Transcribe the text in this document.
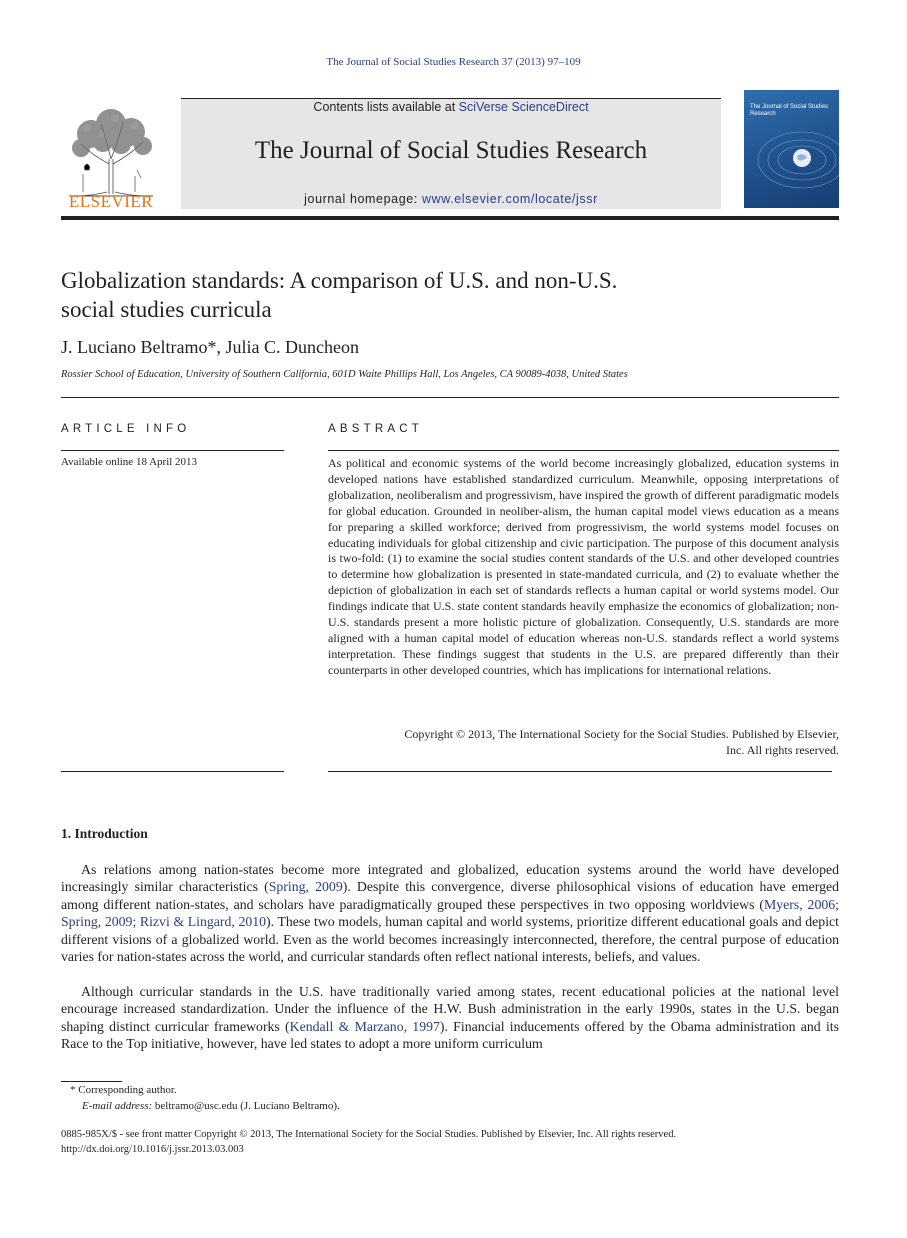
The Journal of Social Studies Research 37 (2013) 97–109
ELSEVIER
Contents lists available at SciVerse ScienceDirect
The Journal of Social Studies Research
journal homepage: www.elsevier.com/locate/jssr
The Journal of Social Studies Research
Globalization standards: A comparison of U.S. and non-U.S.
social studies curricula
J. Luciano Beltramo*, Julia C. Duncheon
Rossier School of Education, University of Southern California, 601D Waite Phillips Hall, Los Angeles, CA 90089-4038, United States
ARTICLE INFO	ABSTRACT
Available online 18 April 2013	As political and economic systems of the world become increasingly globalized, education systems in developed nations have established standardized curriculum. Meanwhile, opposing interpretations of globalization, neoliberalism and progressivism, have inspired the growth of different paradigmatic models for global education. Grounded in neoliber-alism, the human capital model views education as a means for preparing a skilled workforce; derived from progressivism, the world systems model focuses on educating individuals for global citizenship and civic participation. The purpose of this document analysis is two-fold: (1) to examine the social studies content standards of the U.S. and other developed countries to determine how globalization is presented in state-mandated curricula, and (2) to evaluate whether the depiction of globalization in each set of standards reflects a human capital or world systems model. Our findings indicate that U.S. state content standards heavily emphasize the economics of globalization; non-U.S. standards present a more holistic picture of globalization. Consequently, U.S. standards are more aligned with a human capital model of education whereas non-U.S. standards reflect a world systems interpretation. These findings suggest that students in the U.S. are prepared differently than their counterparts in other developed countries, which has implications for international relations.
Copyright © 2013, The International Society for the Social Studies. Published by Elsevier,
Inc. All rights reserved.
1. Introduction

As relations among nation-states become more integrated and globalized, education systems around the world have developed increasingly similar characteristics (Spring, 2009). Despite this convergence, diverse philosophical visions of education have emerged among different nation-states, and scholars have paradigmatically grouped these perspectives in two opposing worldviews (Myers, 2006; Spring, 2009; Rizvi & Lingard, 2010). These two models, human capital and world systems, prioritize different educational goals and depict different visions of a globalized world. Even as the world becomes increasingly interconnected, therefore, the central purpose of education varies for nation-states across the world, and curricular standards often reflect national interests, beliefs, and values.

Although curricular standards in the U.S. have traditionally varied among states, recent educational policies at the national level encourage increased standardization. Under the influence of the H.W. Bush administration in the early 1990s, states in the U.S. began shaping distinct curricular frameworks (Kendall & Marzano, 1997). Financial inducements offered by the Obama administration and its Race to the Top initiative, however, have led states to adopt a more uniform curriculum

* Corresponding author.
E-mail address: beltramo@usc.edu (J. Luciano Beltramo).
0885-985X/$ - see front matter Copyright © 2013, The International Society for the Social Studies. Published by Elsevier, Inc. All rights reserved.
http://dx.doi.org/10.1016/j.jssr.2013.03.003
